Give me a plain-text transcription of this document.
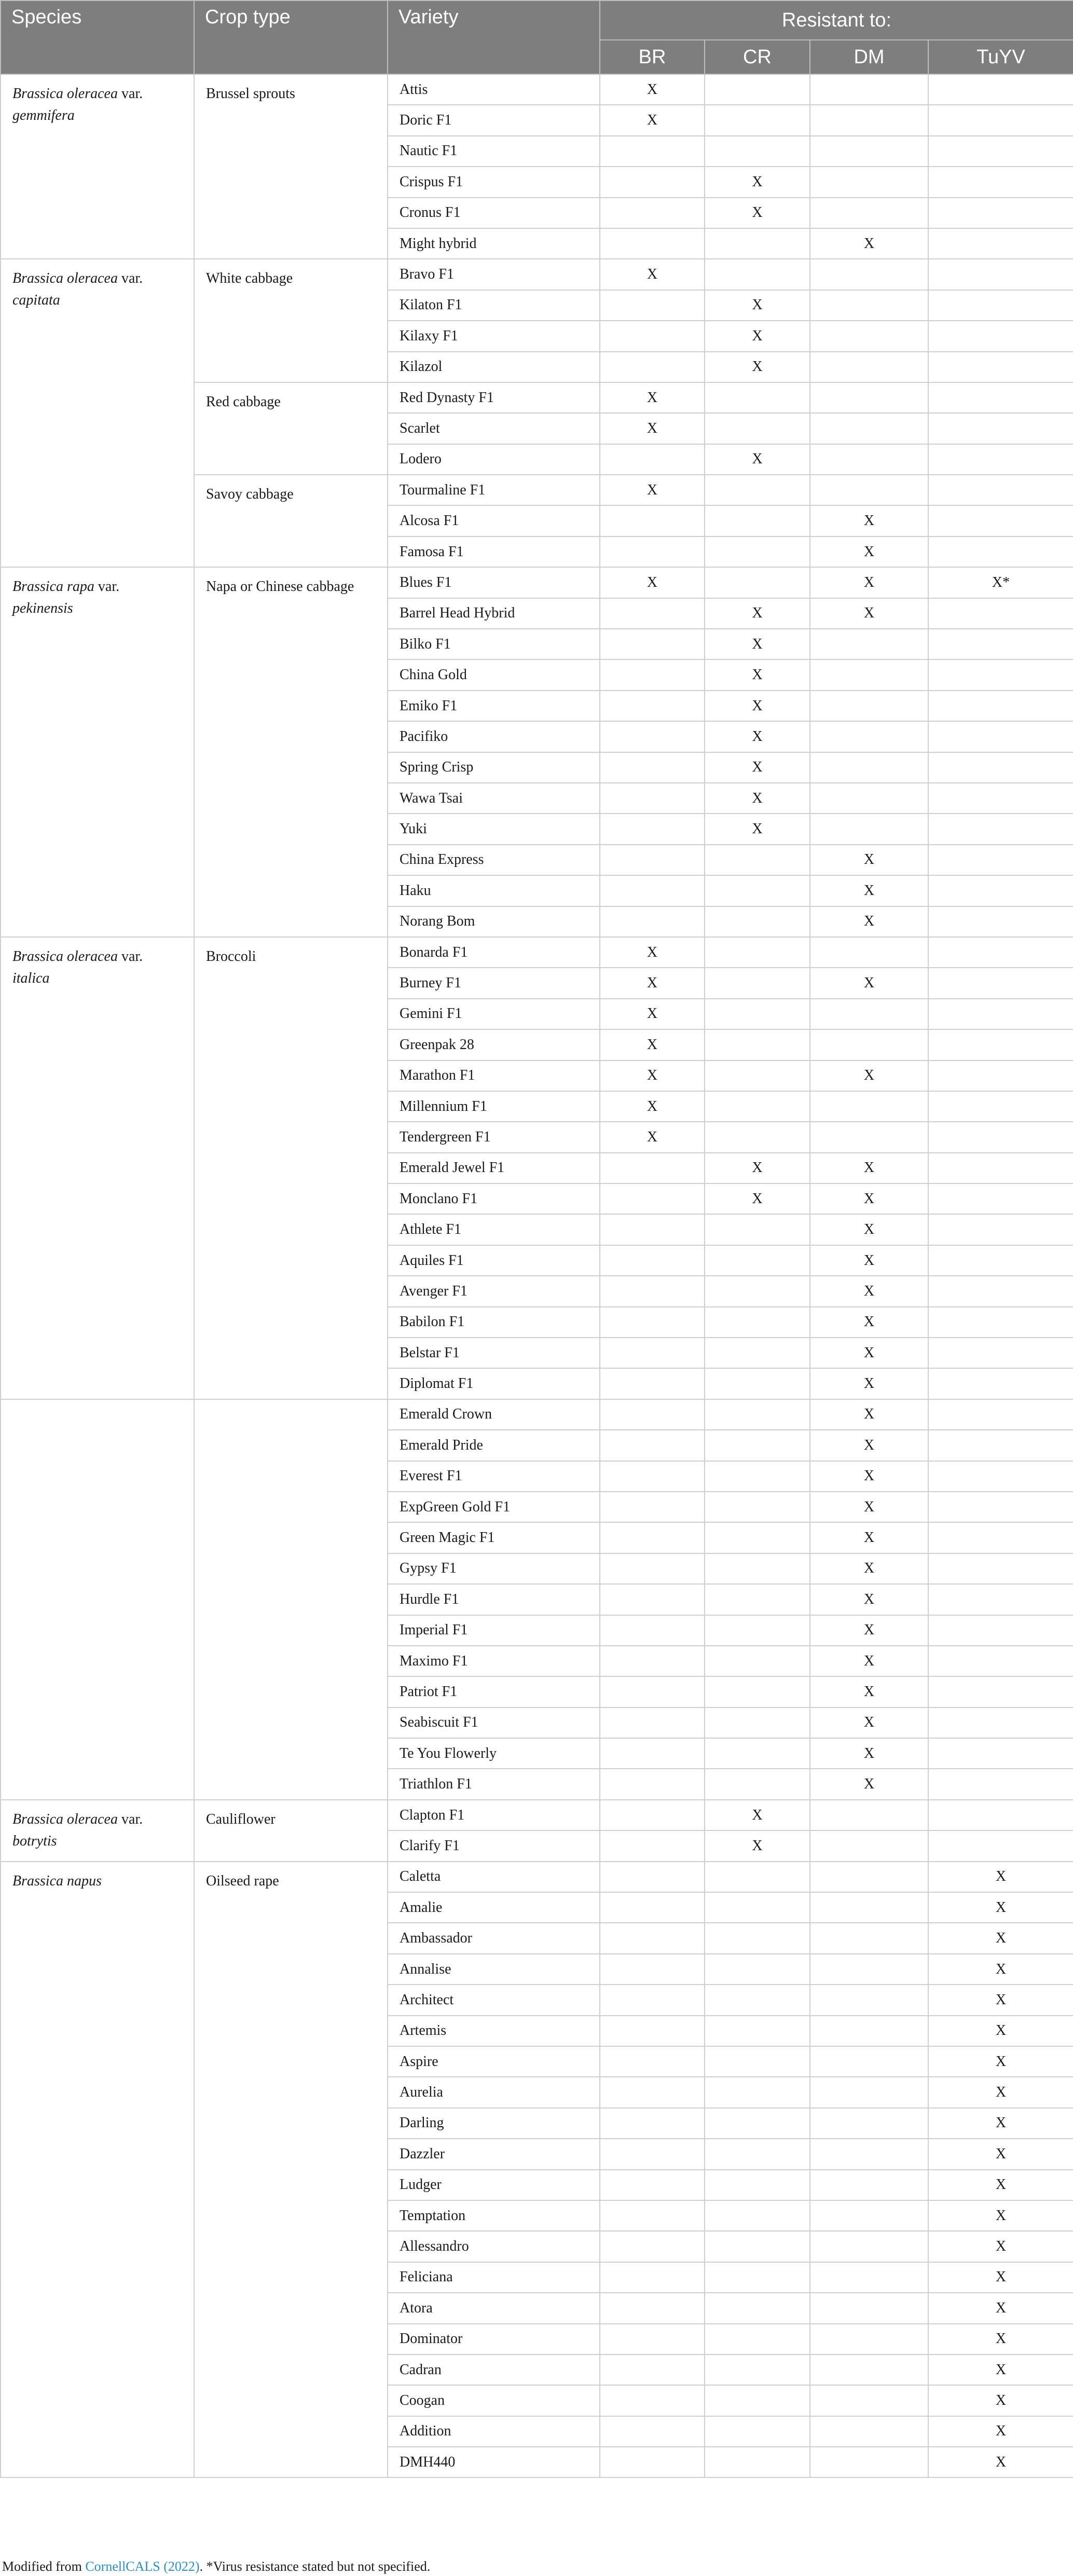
Species	Crop type	Variety	Resistant to:			
			BR	CR	DM	TuYV
Brassica oleracea var. gemmifera	Brussel sprouts	Attis	X			
		Doric F1	X			
		Nautic F1				
		Crispus F1		X		
		Cronus F1		X		
		Might hybrid			X	
Brassica oleracea var. capitata	White cabbage	Bravo F1	X			
		Kilaton F1		X		
		Kilaxy F1		X		
		Kilazol		X		
	Red cabbage	Red Dynasty F1	X			
		Scarlet	X			
		Lodero		X		
	Savoy cabbage	Tourmaline F1	X			
		Alcosa F1			X	
		Famosa F1			X	
Brassica rapa var. pekinensis	Napa or Chinese cabbage	Blues F1	X		X	X*
		Barrel Head Hybrid		X	X	
		Bilko F1		X		
		China Gold		X		
		Emiko F1		X		
		Pacifiko		X		
		Spring Crisp		X		
		Wawa Tsai		X		
		Yuki		X		
		China Express			X	
		Haku			X	
		Norang Bom			X	
Brassica oleracea var. italica	Broccoli	Bonarda F1	X			
		Burney F1	X		X	
		Gemini F1	X			
		Greenpak 28	X			
		Marathon F1	X		X	
		Millennium F1	X			
		Tendergreen F1	X			
		Emerald Jewel F1		X	X	
		Monclano F1		X	X	
		Athlete F1			X	
		Aquiles F1			X	
		Avenger F1			X	
		Babilon F1			X	
		Belstar F1			X	
		Diplomat F1			X	
		Emerald Crown			X	
		Emerald Pride			X	
		Everest F1			X	
		ExpGreen Gold F1			X	
		Green Magic F1			X	
		Gypsy F1			X	
		Hurdle F1			X	
		Imperial F1			X	
		Maximo F1			X	
		Patriot F1			X	
		Seabiscuit F1			X	
		Te You Flowerly			X	
		Triathlon F1			X	
Brassica oleracea var. botrytis	Cauliflower	Clapton F1		X		
		Clarify F1		X		
Brassica napus	Oilseed rape	Caletta				X
		Amalie				X
		Ambassador				X
		Annalise				X
		Architect				X
		Artemis				X
		Aspire				X
		Aurelia				X
		Darling				X
		Dazzler				X
		Ludger				X
		Temptation				X
		Allessandro				X
		Feliciana				X
		Atora				X
		Dominator				X
		Cadran				X
		Coogan				X
		Addition				X
		DMH440				X
Modified from CornellCALS (2022). *Virus resistance stated but not specified.
